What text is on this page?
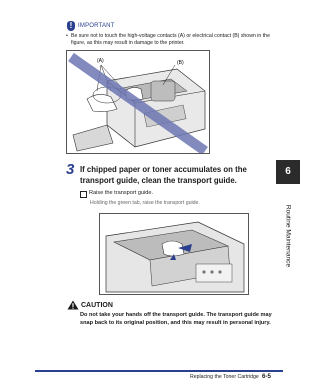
!
IMPORTANT
• Be sure not to touch the high-voltage contacts (A) or electrical contact (B) shown in the figure, as this may result in damage to the printer.
(A)	(B)
3 If chipped paper or toner accumulates on the transport guide, clean the transport guide.
Raise the transport guide.
Holding the green tab, raise the transport guide.
CAUTION
Do not take your hands off the transport guide. The transport guide may snap back to its original position, and this may result in personal injury.
6
Routine Maintenance
Replacing the Toner Cartridge 6-5
